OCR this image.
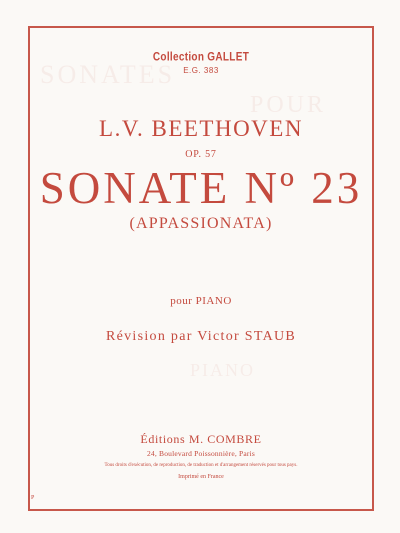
SONATES
POUR
PIANO
Collection GALLET
E.G. 383
L.V. BEETHOVEN
OP. 57
SONATE Nº 23
(APPASSIONATA)
pour PIANO
Révision par Victor STAUB
Éditions M. COMBRE
24, Boulevard Poissonnière, Paris
Tous droits d'exécution, de reproduction, de traduction et d'arrangement réservés pour tous pays.
Imprimé en France
P
